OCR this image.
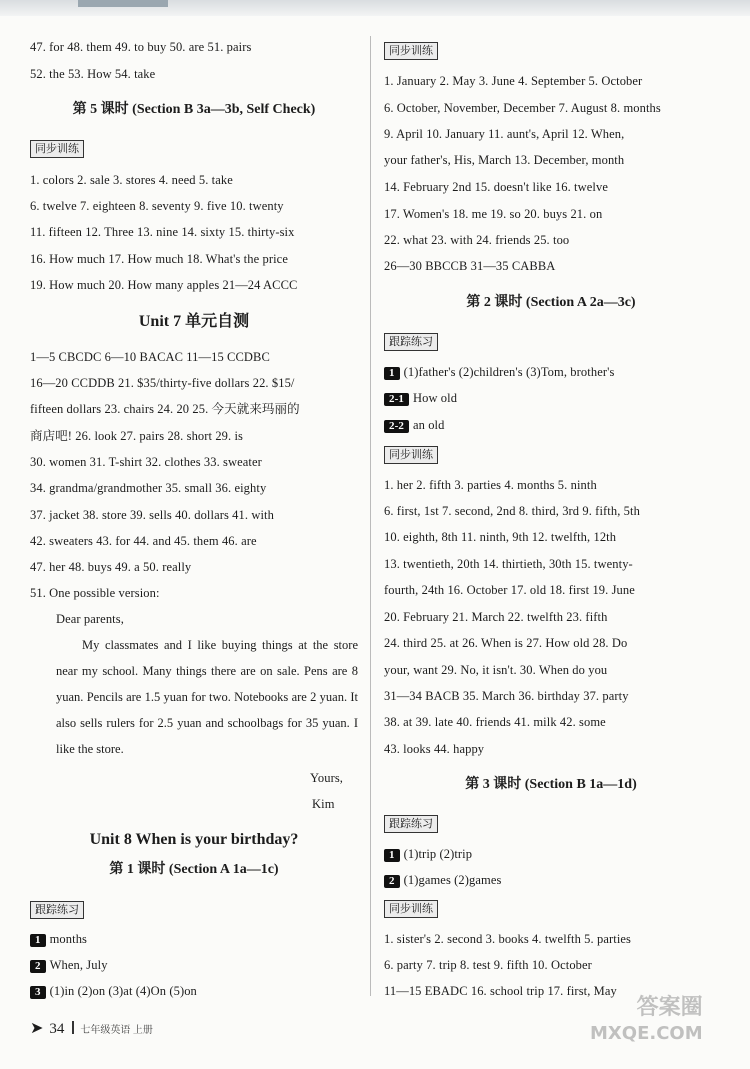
47. for 48. them 49. to buy 50. are 51. pairs
52. the 53. How 54. take
第 5 课时 (Section B 3a—3b, Self Check)
同步训练
1. colors 2. sale 3. stores 4. need 5. take
6. twelve 7. eighteen 8. seventy 9. five 10. twenty
11. fifteen 12. Three 13. nine 14. sixty 15. thirty-six
16. How much 17. How much 18. What's the price
19. How much 20. How many apples 21—24 ACCC
Unit 7 单元自测
1—5 CBCDC 6—10 BACAC 11—15 CCDBC
16—20 CCDDB 21. $35/thirty-five dollars 22. $15/
fifteen dollars 23. chairs 24. 20 25. 今天就来玛丽的
商店吧! 26. look 27. pairs 28. short 29. is
30. women 31. T-shirt 32. clothes 33. sweater
34. grandma/grandmother 35. small 36. eighty
37. jacket 38. store 39. sells 40. dollars 41. with
42. sweaters 43. for 44. and 45. them 46. are
47. her 48. buys 49. a 50. really
51. One possible version:
Dear parents,
My classmates and I like buying things at the store near my school. Many things there are on sale. Pens are 8 yuan. Pencils are 1.5 yuan for two. Notebooks are 2 yuan. It also sells rulers for 2.5 yuan and schoolbags for 35 yuan. I like the store.
Yours,
Kim
Unit 8 When is your birthday?
第 1 课时 (Section A 1a—1c)
跟踪练习
1 months
2 When, July
3 (1)in (2)on (3)at (4)On (5)on
同步训练
1. January 2. May 3. June 4. September 5. October
6. October, November, December 7. August 8. months
9. April 10. January 11. aunt's, April 12. When,
your father's, His, March 13. December, month
14. February 2nd 15. doesn't like 16. twelve
17. Women's 18. me 19. so 20. buys 21. on
22. what 23. with 24. friends 25. too
26—30 BBCCB 31—35 CABBA
第 2 课时 (Section A 2a—3c)
跟踪练习
1 (1)father's (2)children's (3)Tom, brother's
2-1 How old
2-2 an old
同步训练
1. her 2. fifth 3. parties 4. months 5. ninth
6. first, 1st 7. second, 2nd 8. third, 3rd 9. fifth, 5th
10. eighth, 8th 11. ninth, 9th 12. twelfth, 12th
13. twentieth, 20th 14. thirtieth, 30th 15. twenty-
fourth, 24th 16. October 17. old 18. first 19. June
20. February 21. March 22. twelfth 23. fifth
24. third 25. at 26. When is 27. How old 28. Do
your, want 29. No, it isn't. 30. When do you
31—34 BACB 35. March 36. birthday 37. party
38. at 39. late 40. friends 41. milk 42. some
43. looks 44. happy
第 3 课时 (Section B 1a—1d)
跟踪练习
1 (1)trip (2)trip
2 (1)games (2)games
同步训练
1. sister's 2. second 3. books 4. twelfth 5. parties
6. party 7. trip 8. test 9. fifth 10. October
11—15 EBADC 16. school trip 17. first, May
➤ 34 七年级英语 上册
答案圈
MXQE.COM
